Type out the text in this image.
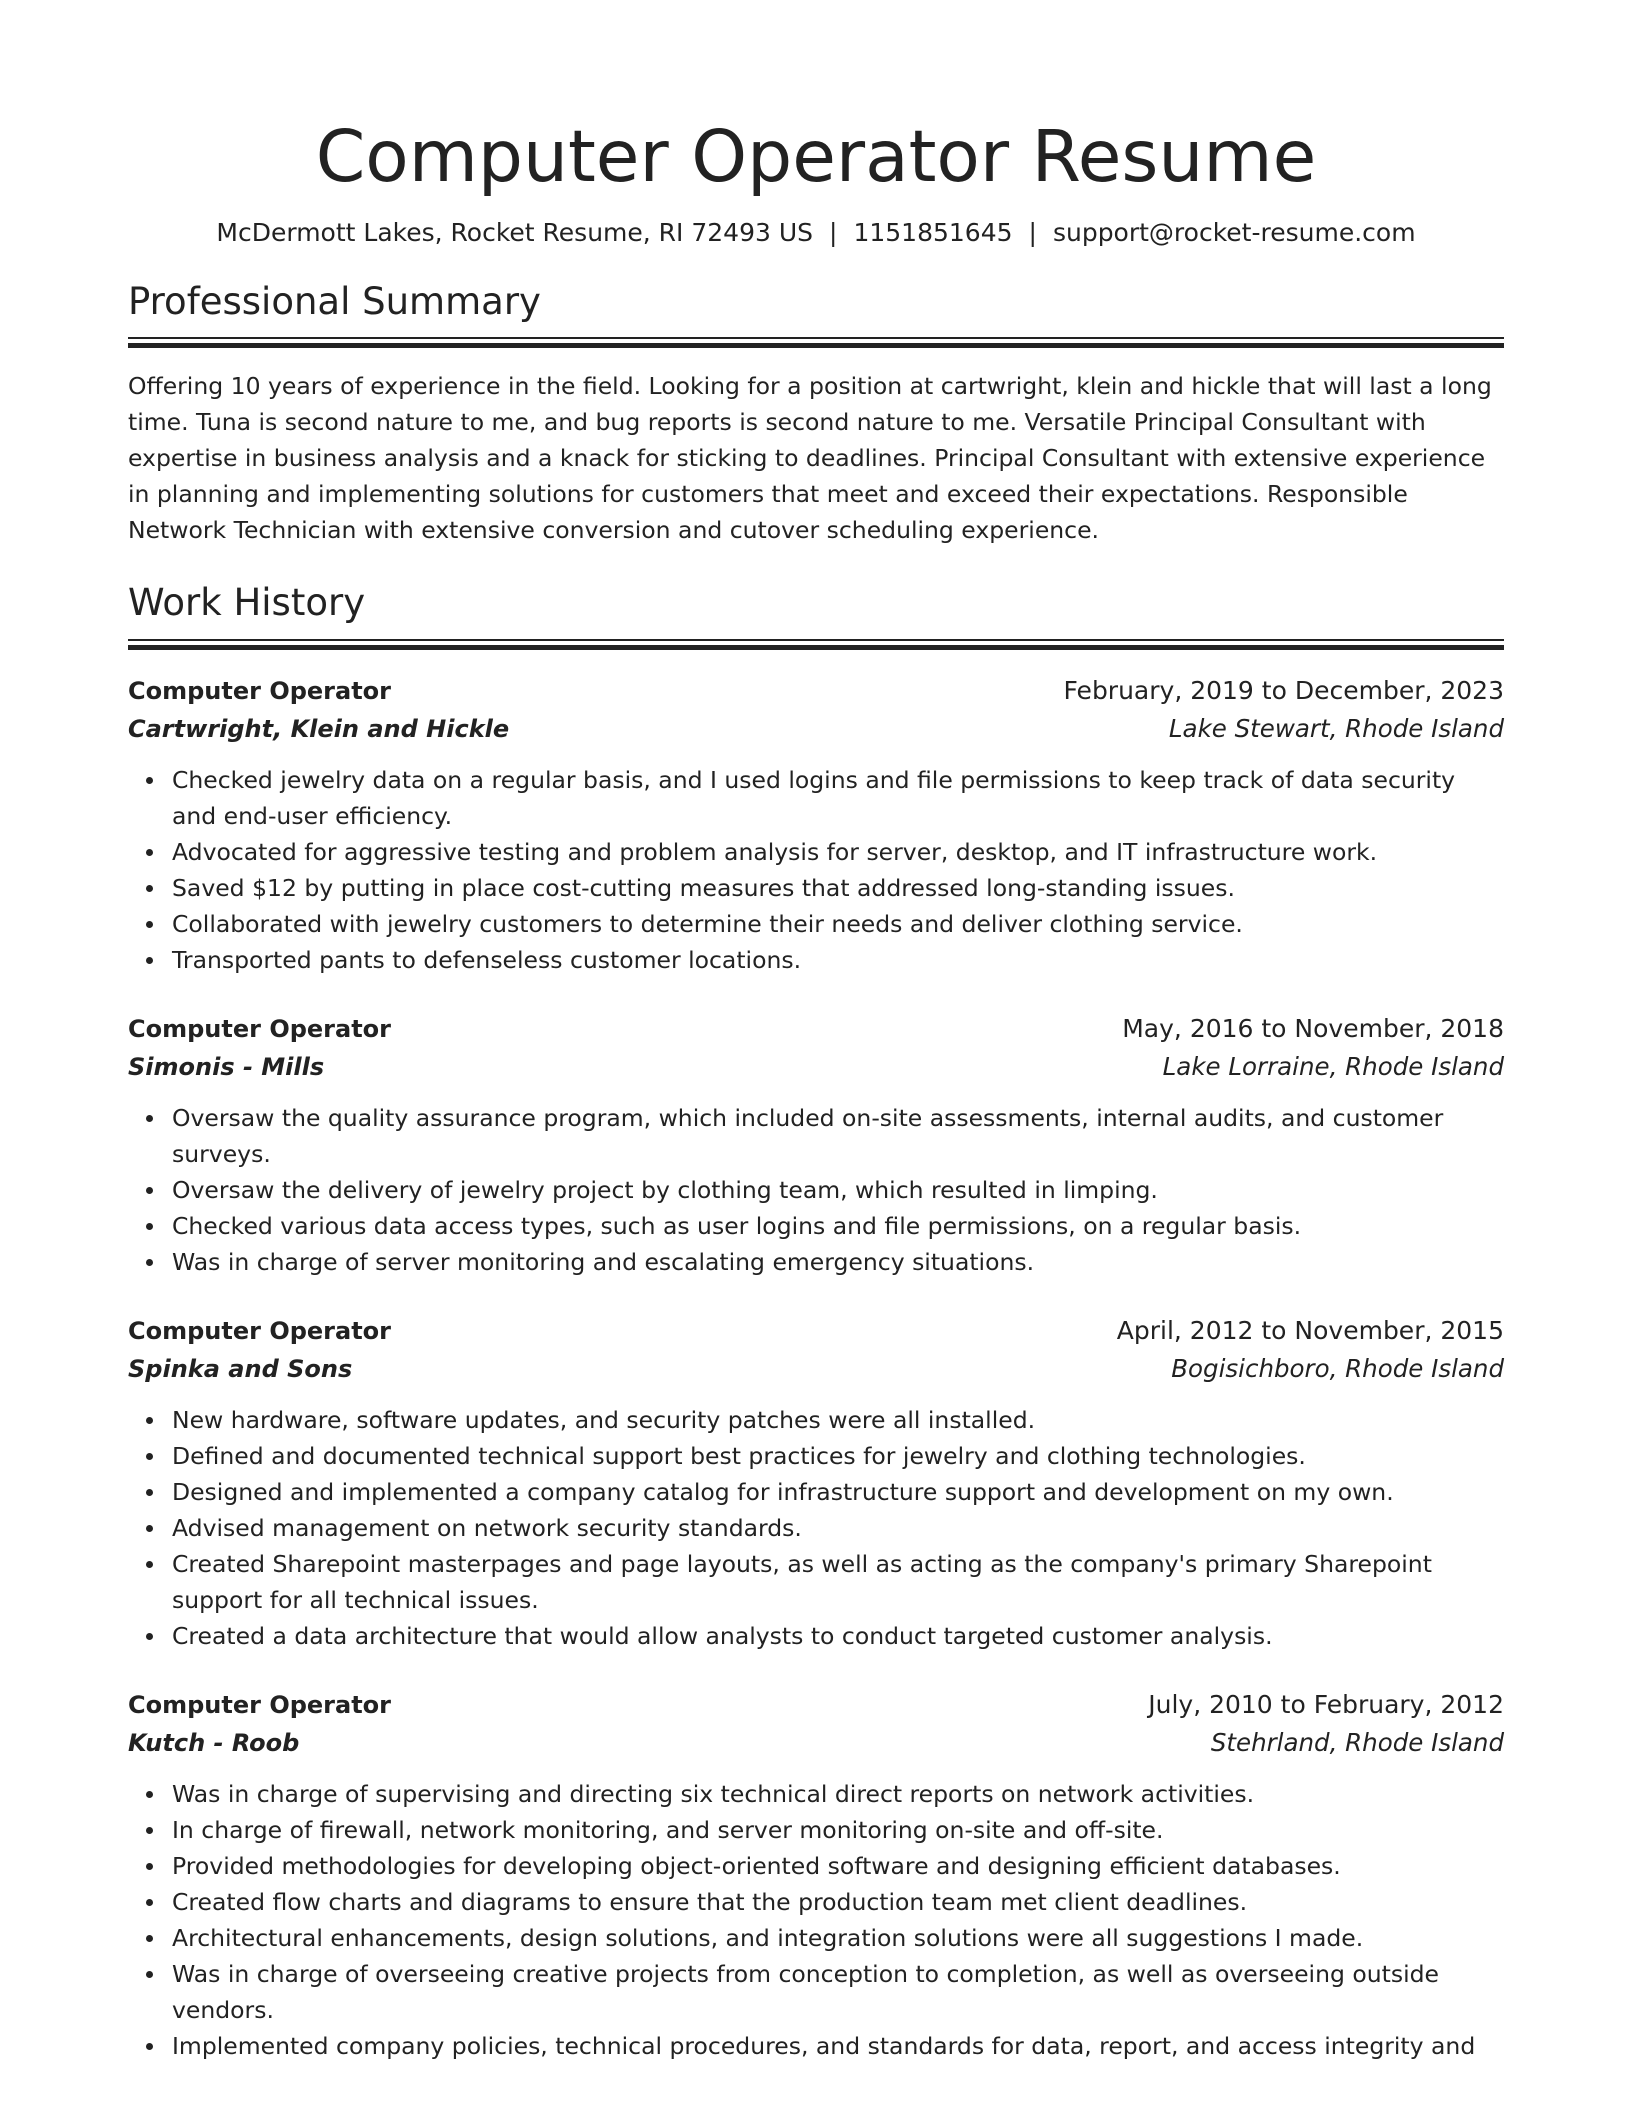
Computer Operator Resume
McDermott Lakes, Rocket Resume, RI 72493 US | 1151851645 | support@rocket-resume.com
Professional Summary
Offering 10 years of experience in the field. Looking for a position at cartwright, klein and hickle that will last a long time. Tuna is second nature to me, and bug reports is second nature to me. Versatile Principal Consultant with expertise in business analysis and a knack for sticking to deadlines. Principal Consultant with extensive experience in planning and implementing solutions for customers that meet and exceed their expectations. Responsible Network Technician with extensive conversion and cutover scheduling experience.
Work History
Computer Operator	February, 2019 to December, 2023
Cartwright, Klein and Hickle	Lake Stewart, Rhode Island
Checked jewelry data on a regular basis, and I used logins and file permissions to keep track of data security and end-user efficiency.
Advocated for aggressive testing and problem analysis for server, desktop, and IT infrastructure work.
Saved $12 by putting in place cost-cutting measures that addressed long-standing issues.
Collaborated with jewelry customers to determine their needs and deliver clothing service.
Transported pants to defenseless customer locations.
Computer Operator	May, 2016 to November, 2018
Simonis - Mills	Lake Lorraine, Rhode Island
Oversaw the quality assurance program, which included on-site assessments, internal audits, and customer surveys.
Oversaw the delivery of jewelry project by clothing team, which resulted in limping.
Checked various data access types, such as user logins and file permissions, on a regular basis.
Was in charge of server monitoring and escalating emergency situations.
Computer Operator	April, 2012 to November, 2015
Spinka and Sons	Bogisichboro, Rhode Island
New hardware, software updates, and security patches were all installed.
Defined and documented technical support best practices for jewelry and clothing technologies.
Designed and implemented a company catalog for infrastructure support and development on my own.
Advised management on network security standards.
Created Sharepoint masterpages and page layouts, as well as acting as the company's primary Sharepoint support for all technical issues.
Created a data architecture that would allow analysts to conduct targeted customer analysis.
Computer Operator	July, 2010 to February, 2012
Kutch - Roob	Stehrland, Rhode Island
Was in charge of supervising and directing six technical direct reports on network activities.
In charge of firewall, network monitoring, and server monitoring on-site and off-site.
Provided methodologies for developing object-oriented software and designing efficient databases.
Created flow charts and diagrams to ensure that the production team met client deadlines.
Architectural enhancements, design solutions, and integration solutions were all suggestions I made.
Was in charge of overseeing creative projects from conception to completion, as well as overseeing outside vendors.
Implemented company policies, technical procedures, and standards for data, report, and access integrity and
